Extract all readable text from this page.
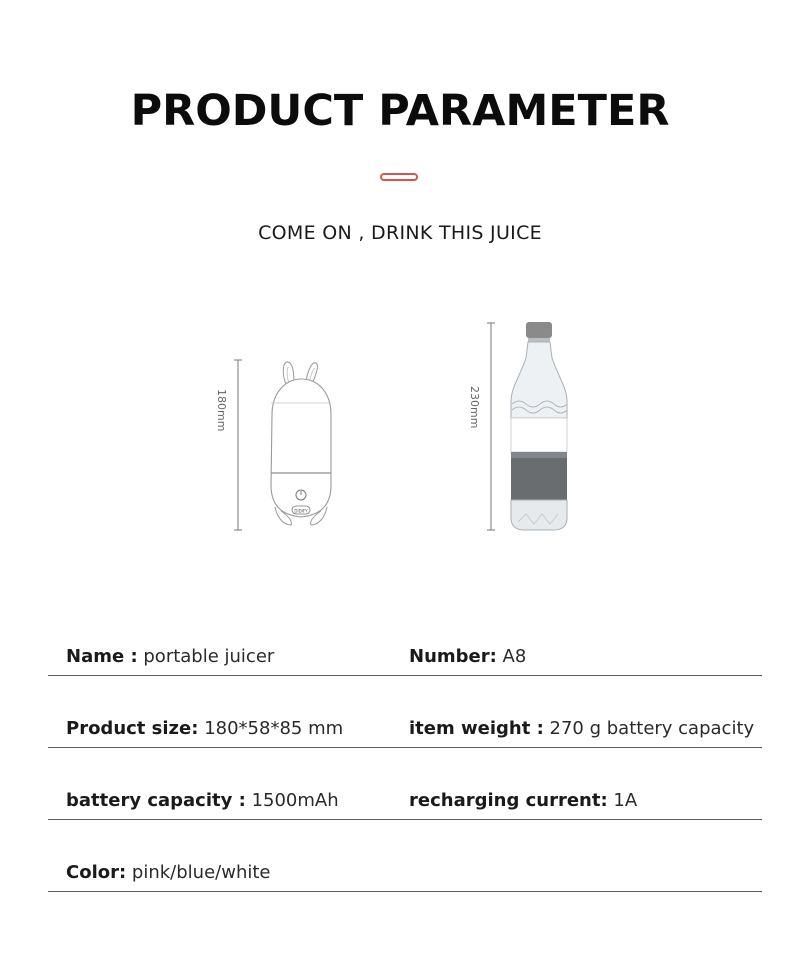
PRODUCT PARAMETER
COME ON , DRINK THIS JUICE
DIDIFY
180mm	230mm
Name : portable juicer	Number: A8
Product size: 180*58*85 mm	item weight : 270 g battery capacity
battery capacity : 1500mAh	recharging current: 1A
Color: pink/blue/white
